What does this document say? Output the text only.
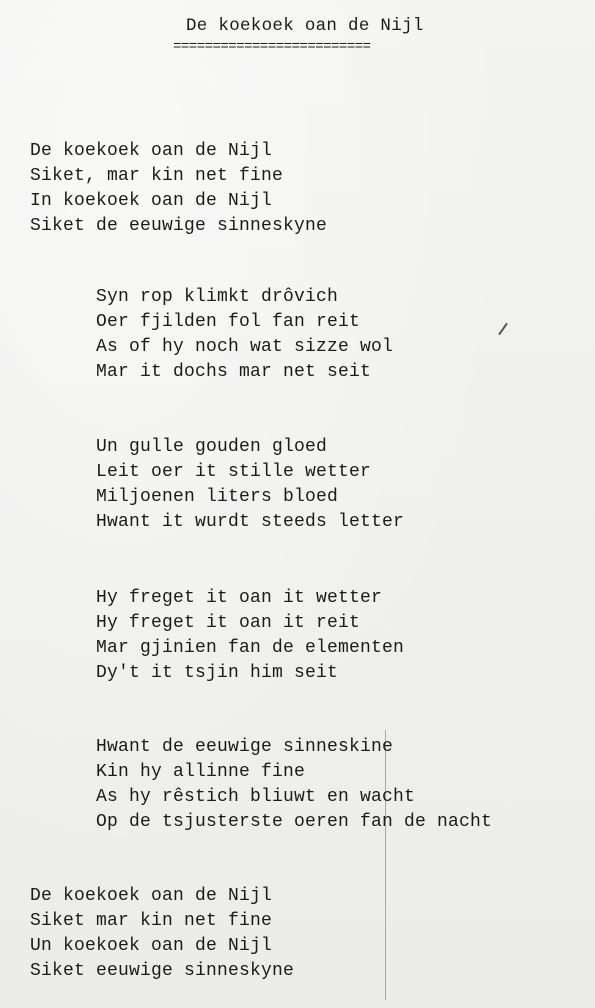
De koekoek oan de Nijl
=========================
De koekoek oan de Nijl
Siket, mar kin net fine
In koekoek oan de Nijl
Siket de eeuwige sinneskyne
Syn rop klimkt drôvich
Oer fjilden fol fan reit
As of hy noch wat sizze wol
Mar it dochs mar net seit
Un gulle gouden gloed
Leit oer it stille wetter
Miljoenen liters bloed
Hwant it wurdt steeds letter
Hy freget it oan it wetter
Hy freget it oan it reit
Mar gjinien fan de elementen
Dy't it tsjin him seit
Hwant de eeuwige sinneskine
Kin hy allinne fine
As hy rêstich bliuwt en wacht
Op de tsjusterste oeren fan de nacht
De koekoek oan de Nijl
Siket mar kin net fine
Un koekoek oan de Nijl
Siket eeuwige sinneskyne
